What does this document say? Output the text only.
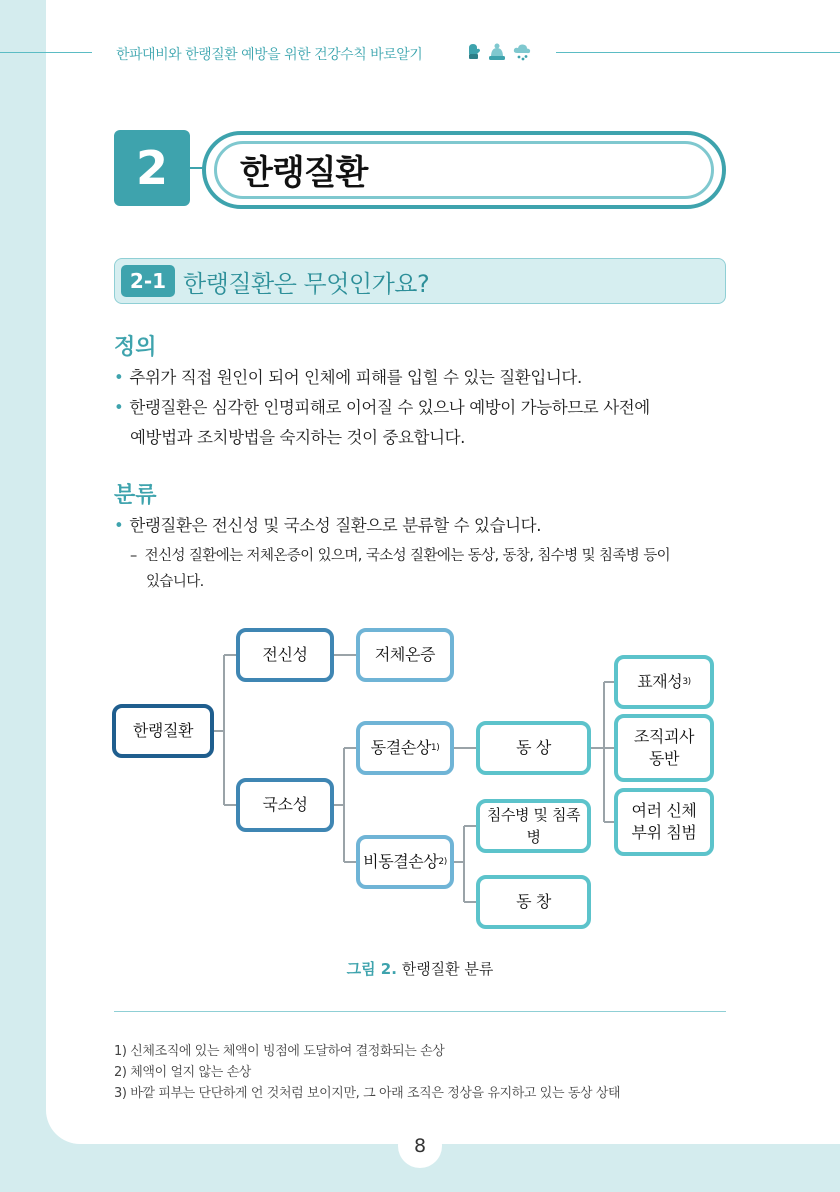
한파대비와 한랭질환 예방을 위한 건강수칙 바로알기
2	한랭질환
2-1 한랭질환은 무엇인가요?
정의
• 추위가 직접 원인이 되어 인체에 피해를 입힐 수 있는 질환입니다.
• 한랭질환은 심각한 인명피해로 이어질 수 있으나 예방이 가능하므로 사전에
예방법과 조치방법을 숙지하는 것이 중요합니다.
분류
• 한랭질환은 전신성 및 국소성 질환으로 분류할 수 있습니다.
–  전신성 질환에는 저체온증이 있으며, 국소성 질환에는 동상, 동창, 침수병 및 침족병 등이
있습니다.
한랭질환
전신성	저체온증
국소성
동결손상 1)
비동결손상 2)
동 상
침수병 및 침족병
동 창
표재성 3)
조직괴사
동반
여러 신체
부위 침범
그림 2. 한랭질환 분류
1) 신체조직에 있는 체액이 빙점에 도달하여 결정화되는 손상
2) 체액이 얼지 않는 손상
3) 바깥 피부는 단단하게 언 것처럼 보이지만, 그 아래 조직은 정상을 유지하고 있는 동상 상태
8
